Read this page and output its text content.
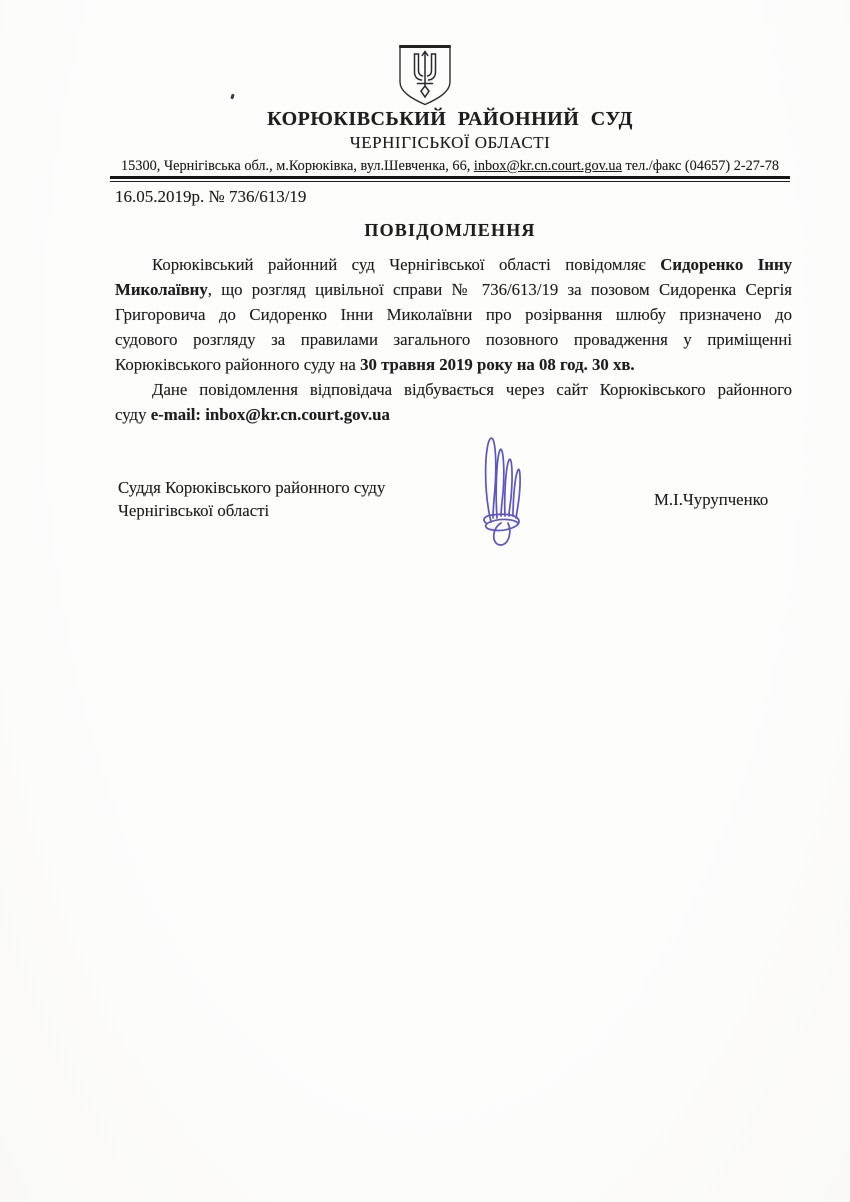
КОРЮКІВСЬКИЙ РАЙОННИЙ СУД
ЧЕРНІГІСЬКОЇ ОБЛАСТІ
15300, Чернігівська обл., м.Корюківка, вул.Шевченка, 66, inbox@kr.cn.court.gov.ua тел./факс (04657) 2-27-78
16.05.2019р. № 736/613/19
ПОВІДОМЛЕННЯ
Корюківський районний суд Чернігівської області повідомляє Сидоренко Інну
Миколаївну, що розгляд цивільної справи № 736/613/19 за позовом Сидоренка Сергія
Григоровича до Сидоренко Інни Миколаївни про розірвання шлюбу призначено до
судового розгляду за правилами загального позовного провадження у приміщенні
Корюківського районного суду на 30 травня 2019 року на 08 год. 30 хв.
Дане повідомлення відповідача відбувається через сайт Корюківського районного
суду e-mail: inbox@kr.cn.court.gov.ua
Суддя Корюківського районного суду
Чернігівської області
М.І.Чурупченко
